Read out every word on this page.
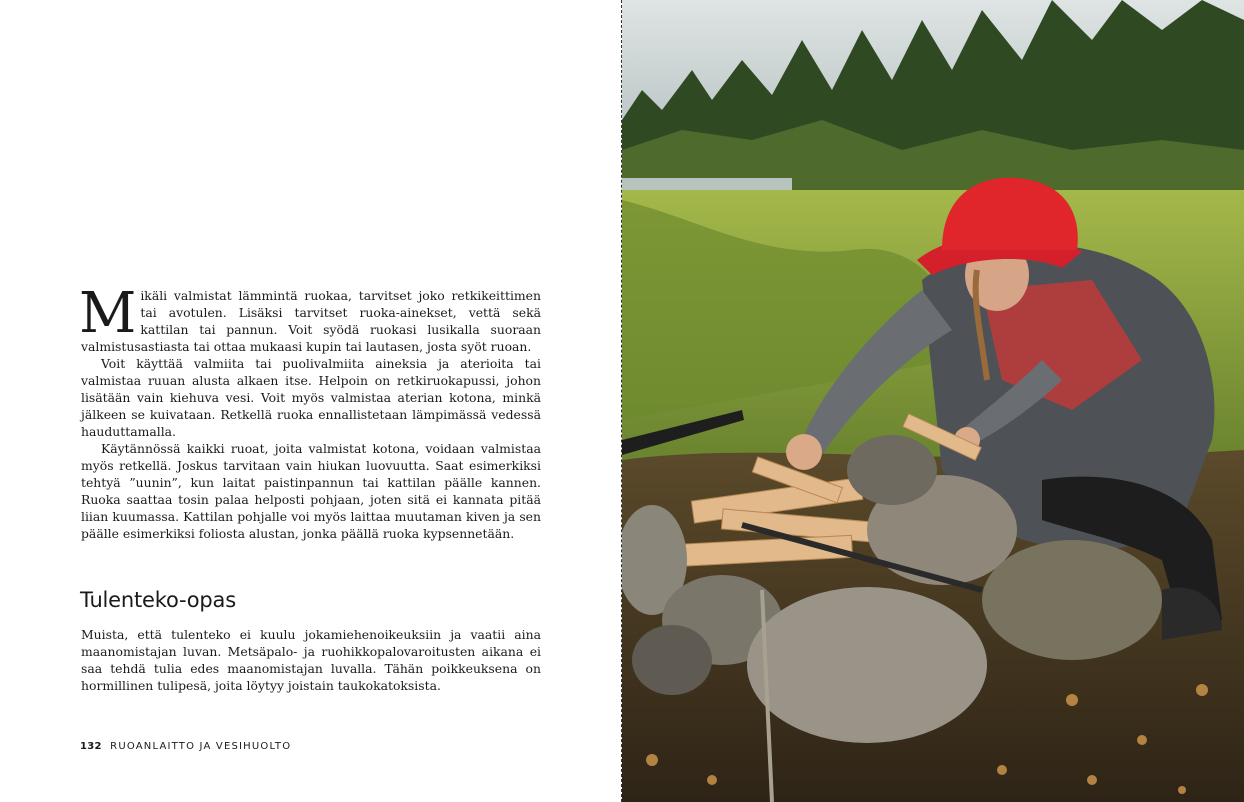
M ikäli valmistat lämmintä ruokaa, tarvitset joko retkikeittimen tai avotulen. Lisäksi tarvitset ruoka-ainekset, vettä sekä kattilan tai pannun. Voit syödä ruokasi lusikalla suoraan valmistusastiasta tai ottaa mukaasi kupin tai lautasen, josta syöt ruoan.

Voit käyttää valmiita tai puolivalmiita aineksia ja aterioita tai valmistaa ruuan alusta alkaen itse. Helpoin on retkiruokapussi, johon lisätään vain kiehuva vesi. Voit myös valmistaa aterian kotona, minkä jälkeen se kuivataan. Retkellä ruoka ennallistetaan lämpimässä vedessä hauduttamalla.

Käytännössä kaikki ruoat, joita valmistat kotona, voidaan valmistaa myös retkellä. Joskus tarvitaan vain hiukan luovuutta. Saat esimerkiksi tehtyä ”uunin”, kun laitat paistinpannun tai kattilan päälle kannen. Ruoka saattaa tosin palaa helposti pohjaan, joten sitä ei kannata pitää liian kuumassa. Kattilan pohjalle voi myös laittaa muutaman kiven ja sen päälle esimerkiksi foliosta alustan, jonka päällä ruoka kypsennetään.

Tulenteko-opas

Muista, että tulenteko ei kuulu jokamiehenoikeuksiin ja vaatii aina maanomistajan luvan. Metsäpalo- ja ruohikkopalovaroitusten aikana ei saa tehdä tulia edes maanomistajan luvalla. Tähän poikkeuksena on hormillinen tulipesä, joita löytyy joistain taukokatoksista.

132 RUOANLAITTO JA VESIHUOLTO
